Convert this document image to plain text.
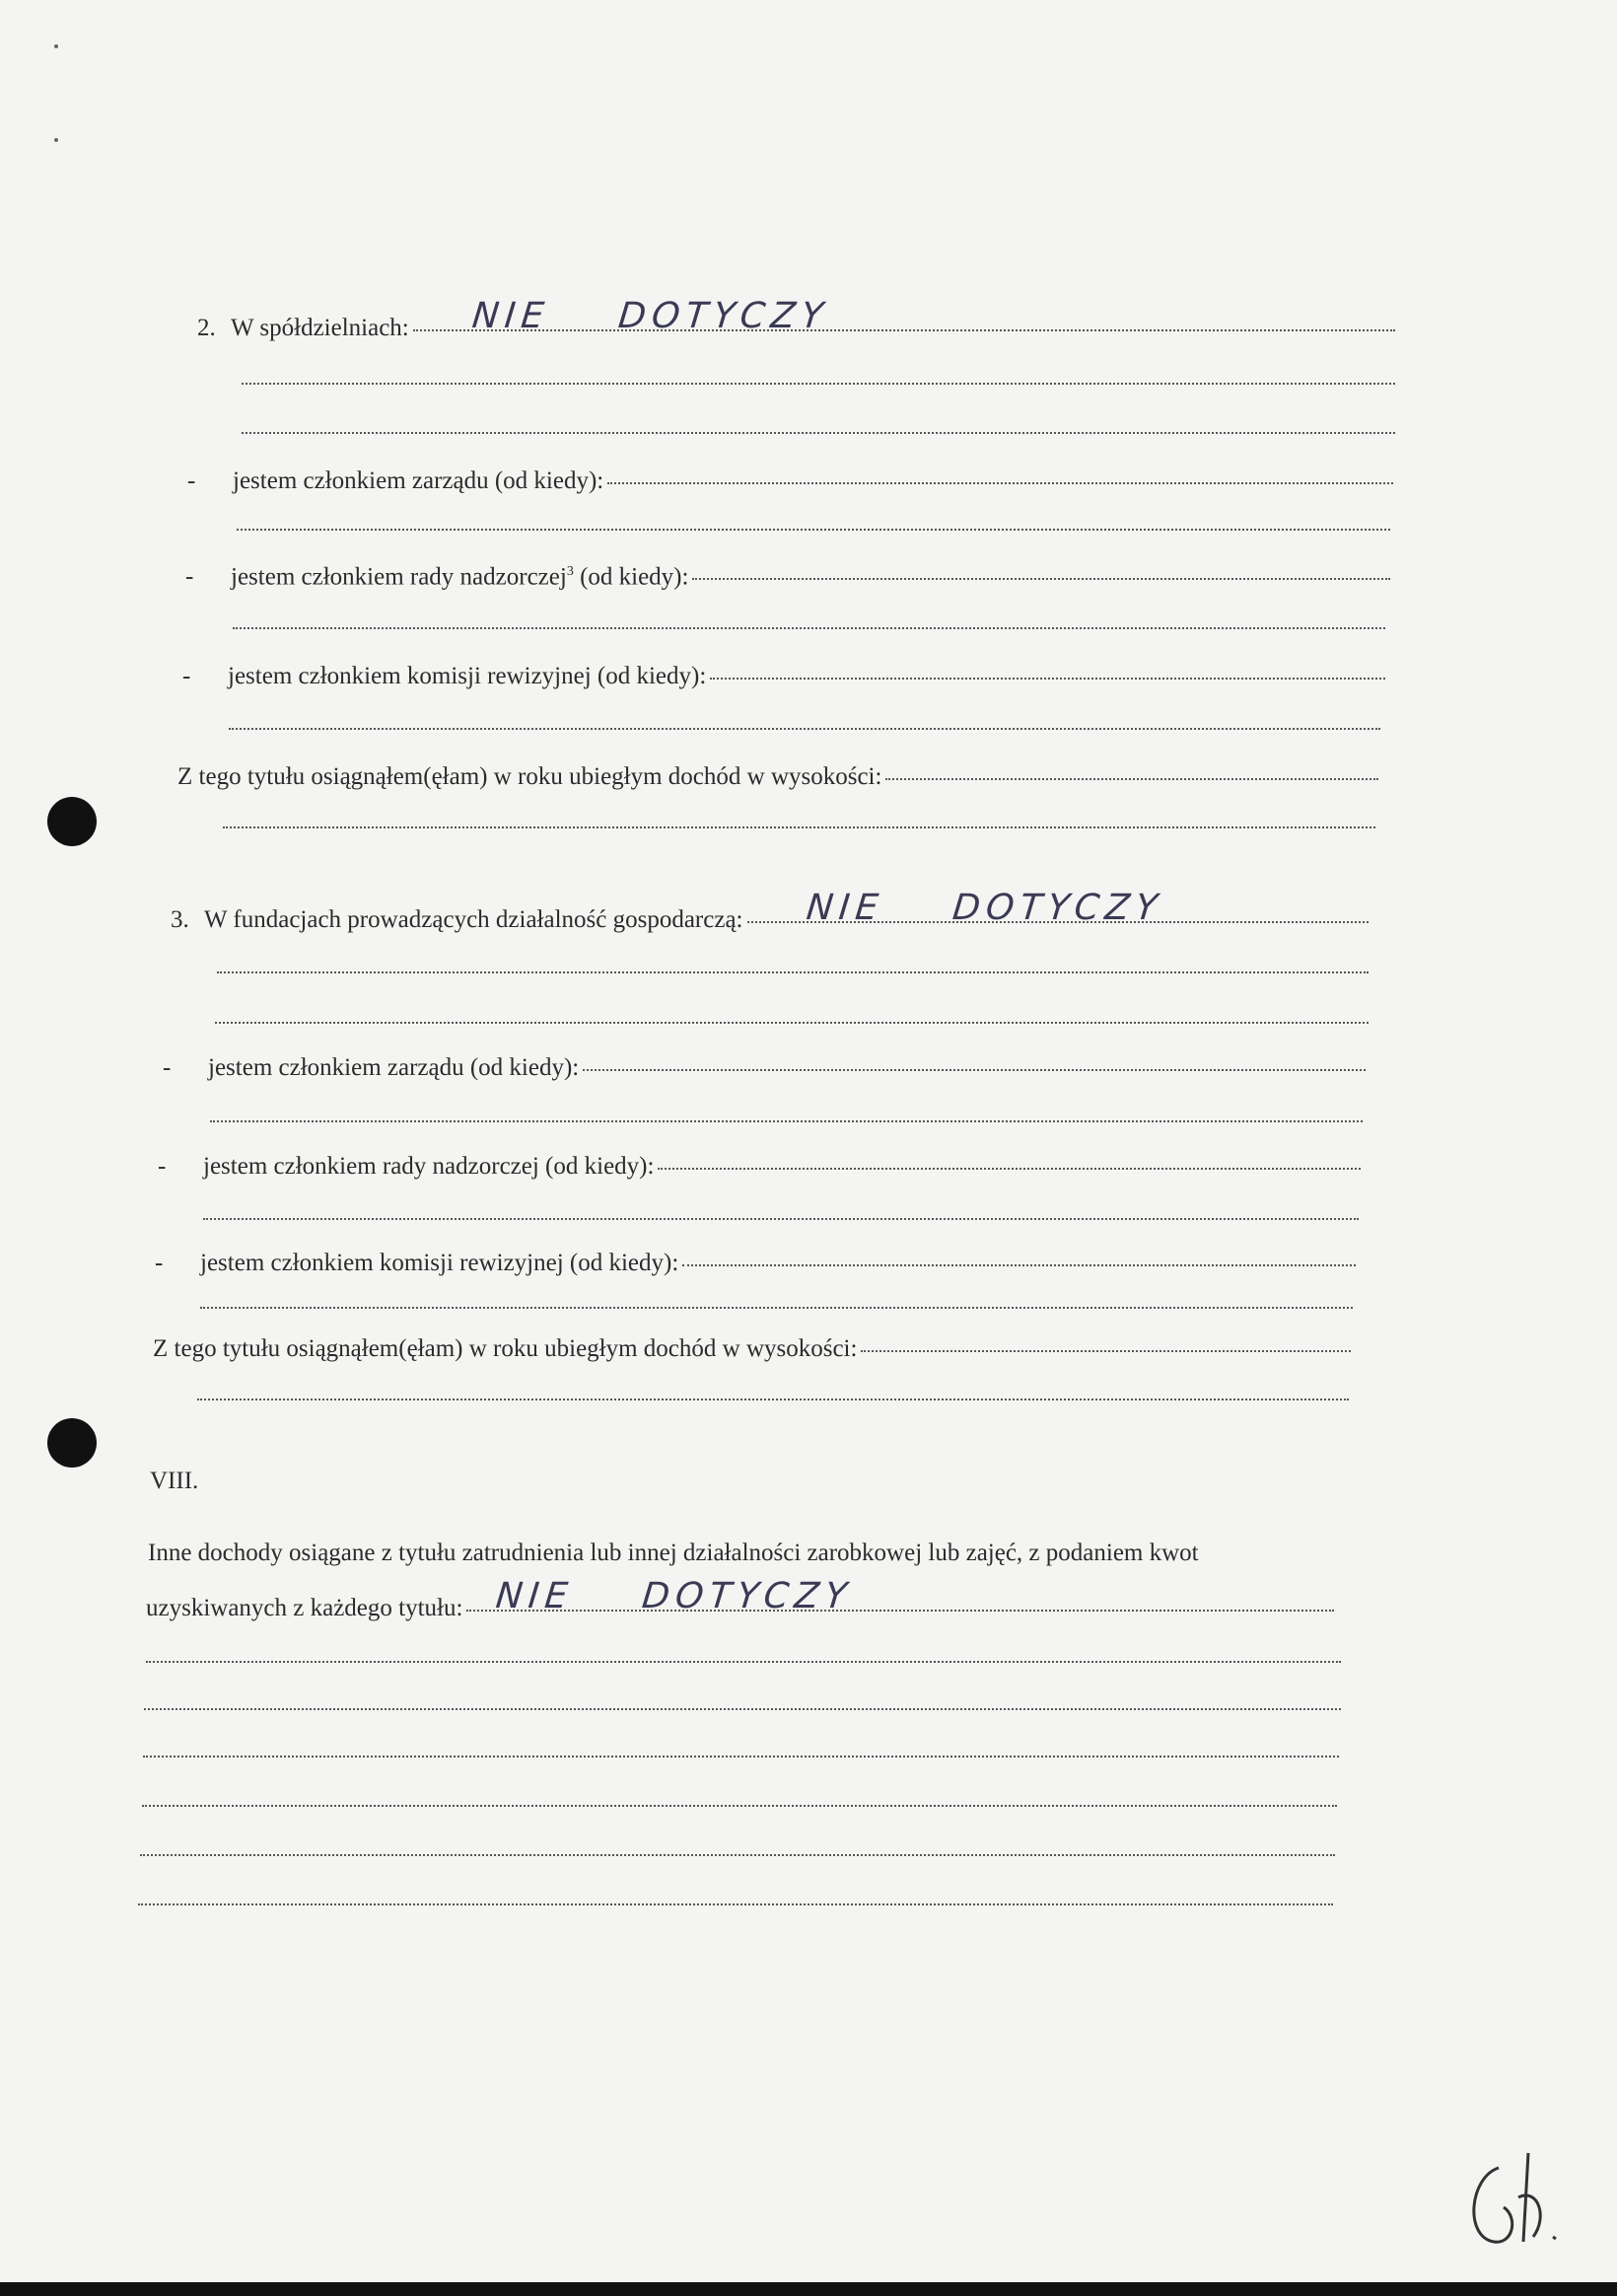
2. W spółdzielniach: NIE DOTYCZY
-	jestem członkiem zarządu (od kiedy):
-	jestem członkiem rady nadzorczej$^3$ (od kiedy):
-	jestem członkiem komisji rewizyjnej (od kiedy):
Z tego tytułu osiągnąłem(ęłam) w roku ubiegłym dochód w wysokości:
3. W fundacjach prowadzących działalność gospodarczą: NIE DOTYCZY
-	jestem członkiem zarządu (od kiedy):
-	jestem członkiem rady nadzorczej (od kiedy):
-	jestem członkiem komisji rewizyjnej (od kiedy):
Z tego tytułu osiągnąłem(ęłam) w roku ubiegłym dochód w wysokości:
VIII.
Inne dochody osiągane z tytułu zatrudnienia lub innej działalności zarobkowej lub zajęć, z podaniem kwot
uzyskiwanych z każdego tytułu: NIE DOTYCZY
